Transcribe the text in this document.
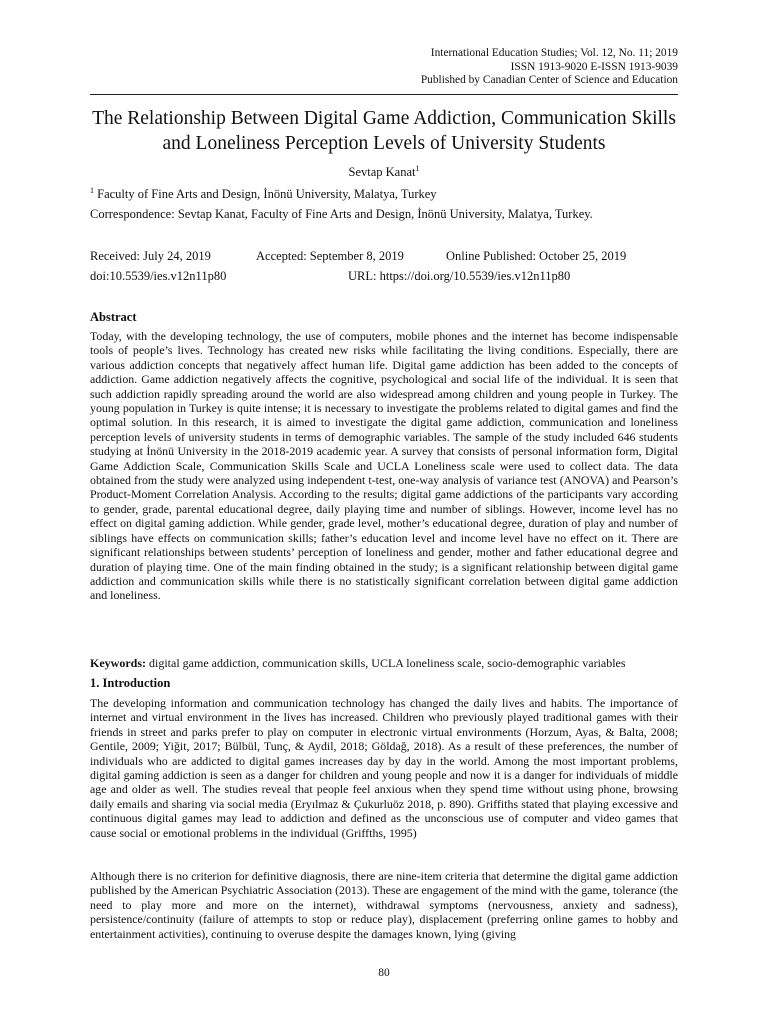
International Education Studies; Vol. 12, No. 11; 2019
ISSN 1913-9020 E-ISSN 1913-9039
Published by Canadian Center of Science and Education
The Relationship Between Digital Game Addiction, Communication Skills and Loneliness Perception Levels of University Students
Sevtap Kanat$^1$
$^1$ Faculty of Fine Arts and Design, İnönü University, Malatya, Turkey
Correspondence: Sevtap Kanat, Faculty of Fine Arts and Design, İnönü University, Malatya, Turkey.
Received: July 24, 2019	Accepted: September 8, 2019	Online Published: October 25, 2019
doi:10.5539/ies.v12n11p80	URL: https://doi.org/10.5539/ies.v12n11p80
Abstract

Today, with the developing technology, the use of computers, mobile phones and the internet has become indispensable tools of people’s lives. Technology has created new risks while facilitating the living conditions. Especially, there are various addiction concepts that negatively affect human life. Digital game addiction has been added to the concepts of addiction. Game addiction negatively affects the cognitive, psychological and social life of the individual. It is seen that such addiction rapidly spreading around the world are also widespread among children and young people in Turkey. The young population in Turkey is quite intense; it is necessary to investigate the problems related to digital games and find the optimal solution. In this research, it is aimed to investigate the digital game addiction, communication and loneliness perception levels of university students in terms of demographic variables. The sample of the study included 646 students studying at İnönü University in the 2018-2019 academic year. A survey that consists of personal information form, Digital Game Addiction Scale, Communication Skills Scale and UCLA Loneliness scale were used to collect data. The data obtained from the study were analyzed using independent t-test, one-way analysis of variance test (ANOVA) and Pearson’s Product-Moment Correlation Analysis. According to the results; digital game addictions of the participants vary according to gender, grade, parental educational degree, daily playing time and number of siblings. However, income level has no effect on digital gaming addiction. While gender, grade level, mother’s educational degree, duration of play and number of siblings have effects on communication skills; father’s education level and income level have no effect on it. There are significant relationships between students’ perception of loneliness and gender, mother and father educational degree and duration of playing time. One of the main finding obtained in the study; is a significant relationship between digital game addiction and communication skills while there is no statistically significant correlation between digital game addiction and loneliness.

Keywords: digital game addiction, communication skills, UCLA loneliness scale, socio-demographic variables
1. Introduction

The developing information and communication technology has changed the daily lives and habits. The importance of internet and virtual environment in the lives has increased. Children who previously played traditional games with their friends in street and parks prefer to play on computer in electronic virtual environments (Horzum, Ayas, & Balta, 2008; Gentile, 2009; Yiğit, 2017; Bülbül, Tunç, & Aydil, 2018; Göldağ, 2018). As a result of these preferences, the number of individuals who are addicted to digital games increases day by day in the world. Among the most important problems, digital gaming addiction is seen as a danger for children and young people and now it is a danger for individuals of middle age and older as well. The studies reveal that people feel anxious when they spend time without using phone, browsing daily emails and sharing via social media (Eryılmaz & Çukurluöz 2018, p. 890). Griffiths stated that playing excessive and continuous digital games may lead to addiction and defined as the unconscious use of computer and video games that cause social or emotional problems in the individual (Griffths, 1995)

Although there is no criterion for definitive diagnosis, there are nine-item criteria that determine the digital game addiction published by the American Psychiatric Association (2013). These are engagement of the mind with the game, tolerance (the need to play more and more on the internet), withdrawal symptoms (nervousness, anxiety and sadness), persistence/continuity (failure of attempts to stop or reduce play), displacement (preferring online games to hobby and entertainment activities), continuing to overuse despite the damages known, lying (giving

80
